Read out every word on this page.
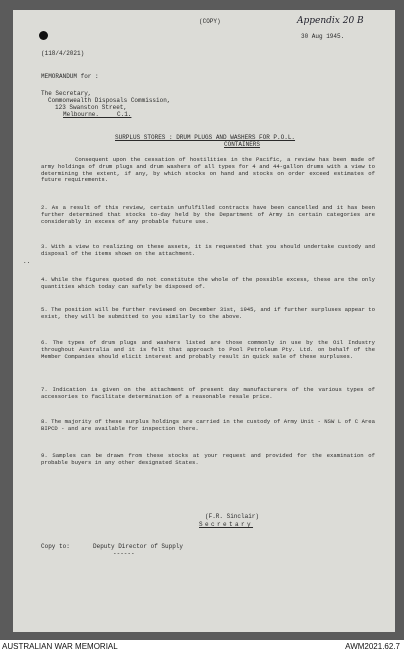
(COPY)	Appendix 20 B
30 Aug 1945.
(118/4/2021)
MEMORANDUM for :
The Secretary,
Commonwealth Disposals Commission,
123 Swanston Street,
Melbourne.     C.1.
SURPLUS STORES : DRUM PLUGS AND WASHERS FOR P.O.L.
CONTAINERS
Consequent upon the cessation of hostilities in the Pacific, a review has been made of army holdings of drum plugs and drum washers of all types for 4 and 44-gallon drums with a view to determining the extent, if any, by which stocks on hand and stocks on order exceed estimates of future requirements.
2. As a result of this review, certain unfulfilled contracts have been cancelled and it has been further determined that stocks to-day held by the Department of Army in certain categories are considerably in excess of any probable future use.
3. With a view to realizing on these assets, it is requested that you should undertake custody and disposal of the items shown on the attachment.
..
4. While the figures quoted do not constitute the whole of the possible excess, these are the only quantities which today can safely be disposed of.
5. The position will be further reviewed on December 31st, 1945, and if further surpluses appear to exist, they will be submitted to you similarly to the above.
6. The types of drum plugs and washers listed are those commonly in use by the Oil Industry throughout Australia and it is felt that approach to Pool Petroleum Pty. Ltd. on behalf of the Member Companies should elicit interest and probably result in quick sale of these surpluses.
7. Indication is given on the attachment of present day manufacturers of the various types of accessories to facilitate determination of a reasonable resale price.
8. The majority of these surplus holdings are carried in the custody of Army Unit - NSW L of C Area BIPCD - and are available for inspection there.
9. Samples can be drawn from these stocks at your request and provided for the examination of probable buyers in any other designated States.
(F.R. Sinclair)
Secretary
Copy to:	Deputy Director of Supply
------
AUSTRALIAN WAR MEMORIAL	AWM2021.62.7
